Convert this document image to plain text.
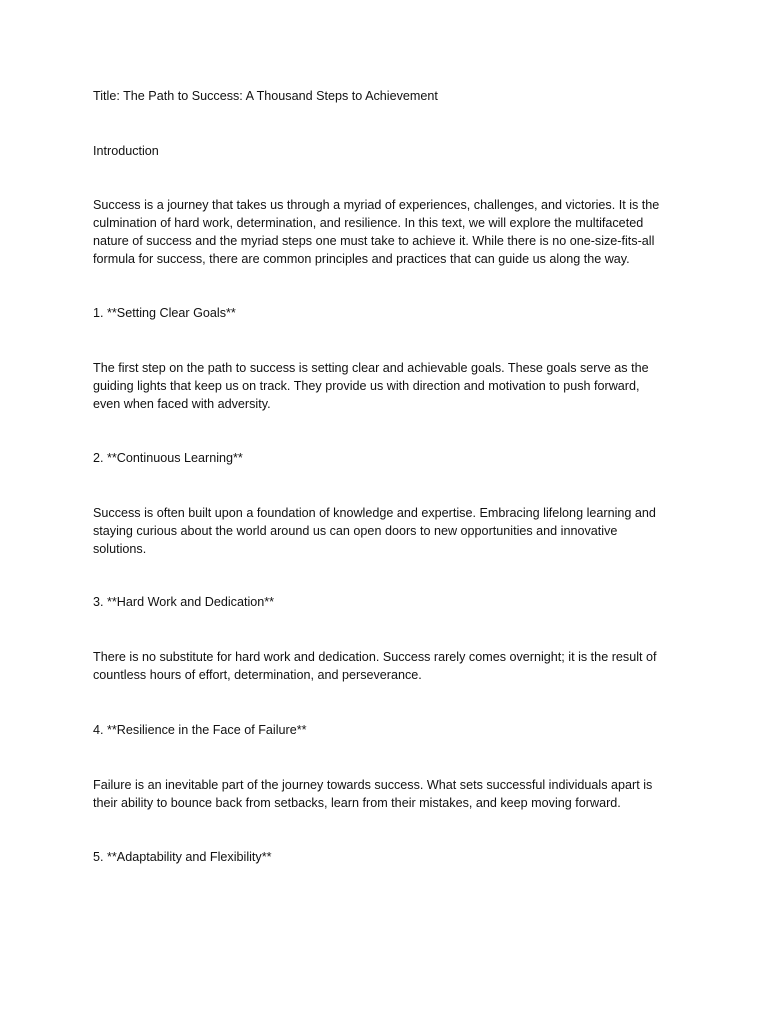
Title: The Path to Success: A Thousand Steps to Achievement

Introduction

Success is a journey that takes us through a myriad of experiences, challenges, and victories. It is the
culmination of hard work, determination, and resilience. In this text, we will explore the multifaceted
nature of success and the myriad steps one must take to achieve it. While there is no one-size-fits-all
formula for success, there are common principles and practices that can guide us along the way.

1. **Setting Clear Goals**

The first step on the path to success is setting clear and achievable goals. These goals serve as the
guiding lights that keep us on track. They provide us with direction and motivation to push forward,
even when faced with adversity.

2. **Continuous Learning**

Success is often built upon a foundation of knowledge and expertise. Embracing lifelong learning and
staying curious about the world around us can open doors to new opportunities and innovative
solutions.

3. **Hard Work and Dedication**

There is no substitute for hard work and dedication. Success rarely comes overnight; it is the result of
countless hours of effort, determination, and perseverance.

4. **Resilience in the Face of Failure**

Failure is an inevitable part of the journey towards success. What sets successful individuals apart is
their ability to bounce back from setbacks, learn from their mistakes, and keep moving forward.

5. **Adaptability and Flexibility**
